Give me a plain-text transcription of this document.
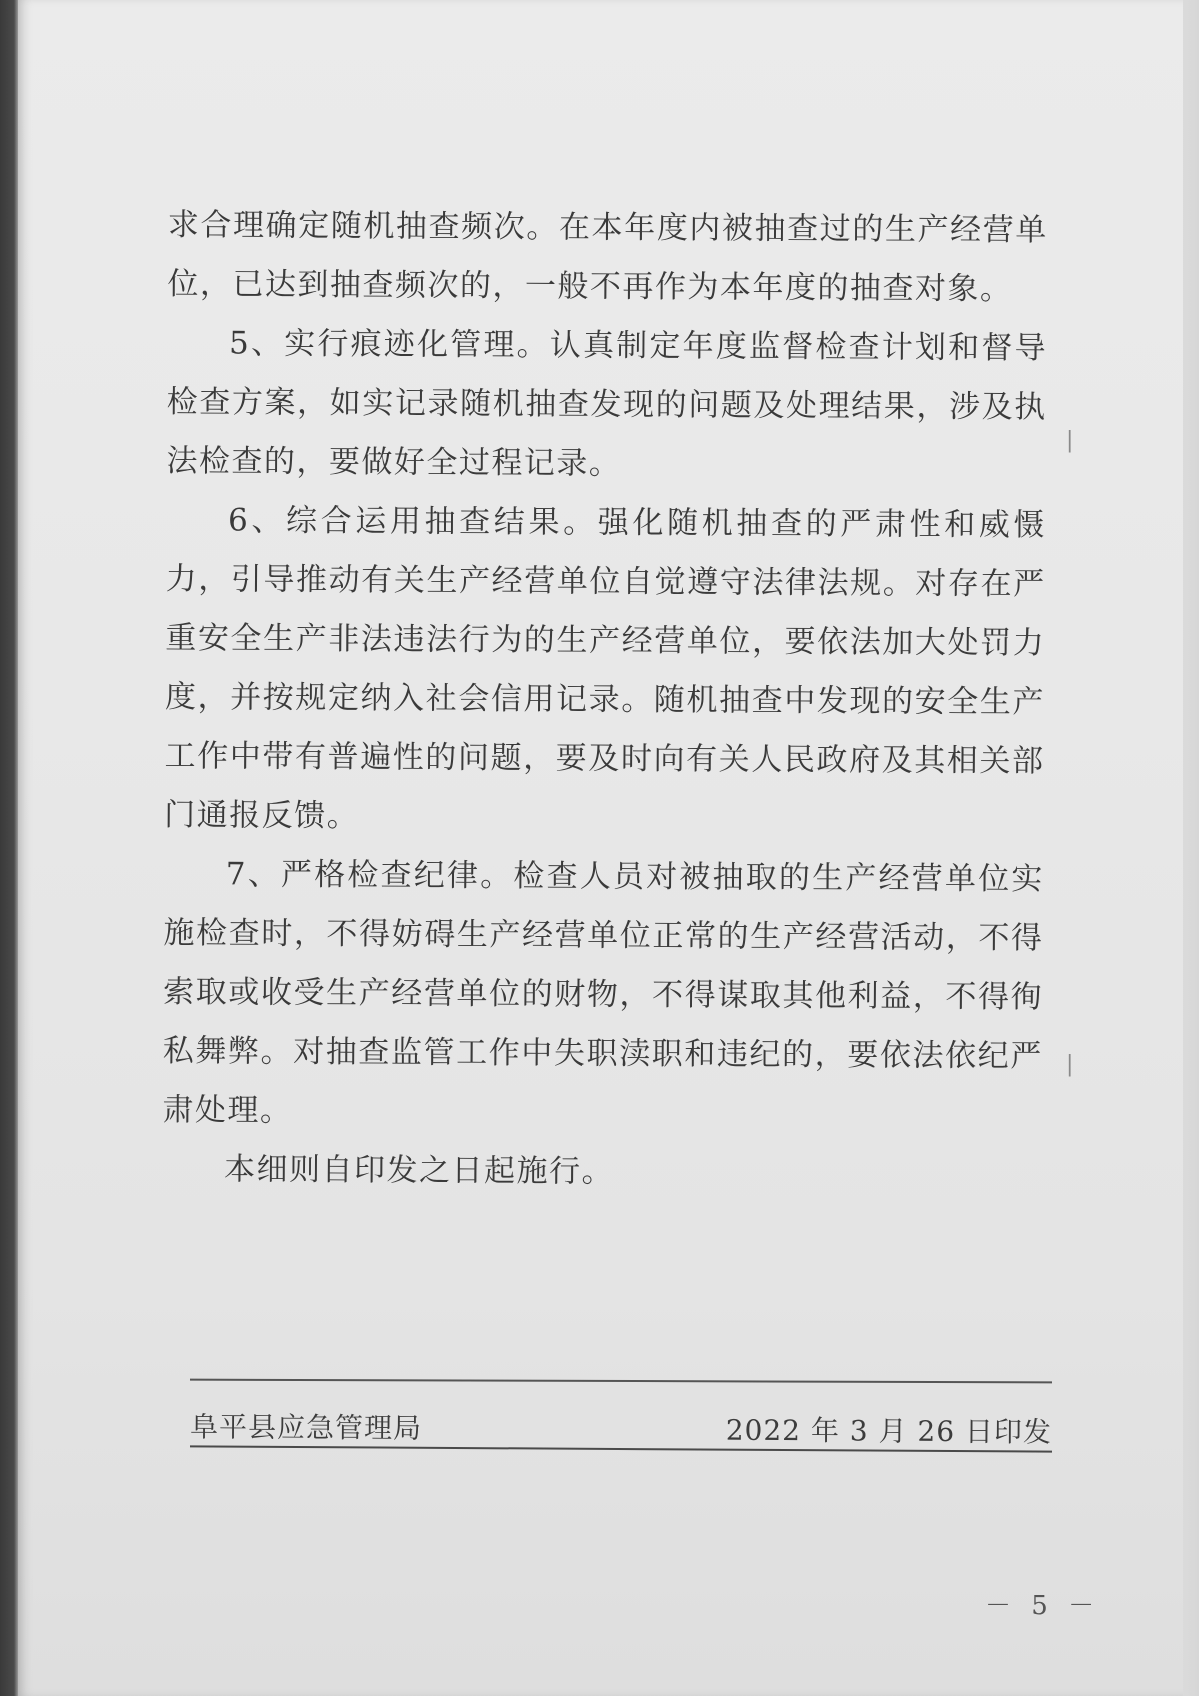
|
|

求合理确定随机抽查频次。在本年度内被抽查过的生产经营单位，已达到抽查频次的，一般不再作为本年度的抽查对象。

5、实行痕迹化管理。认真制定年度监督检查计划和督导检查方案，如实记录随机抽查发现的问题及处理结果，涉及执法检查的，要做好全过程记录。

6、综合运用抽查结果。强化随机抽查的严肃性和威慑力，引导推动有关生产经营单位自觉遵守法律法规。对存在严重安全生产非法违法行为的生产经营单位，要依法加大处罚力度，并按规定纳入社会信用记录。随机抽查中发现的安全生产工作中带有普遍性的问题，要及时向有关人民政府及其相关部门通报反馈。

7、严格检查纪律。检查人员对被抽取的生产经营单位实施检查时，不得妨碍生产经营单位正常的生产经营活动，不得索取或收受生产经营单位的财物，不得谋取其他利益，不得徇私舞弊。对抽查监管工作中失职渎职和违纪的，要依法依纪严肃处理。

本细则自印发之日起施行。

阜平县应急管理局	2022 年 3 月 26 日印发
－ 5 －
